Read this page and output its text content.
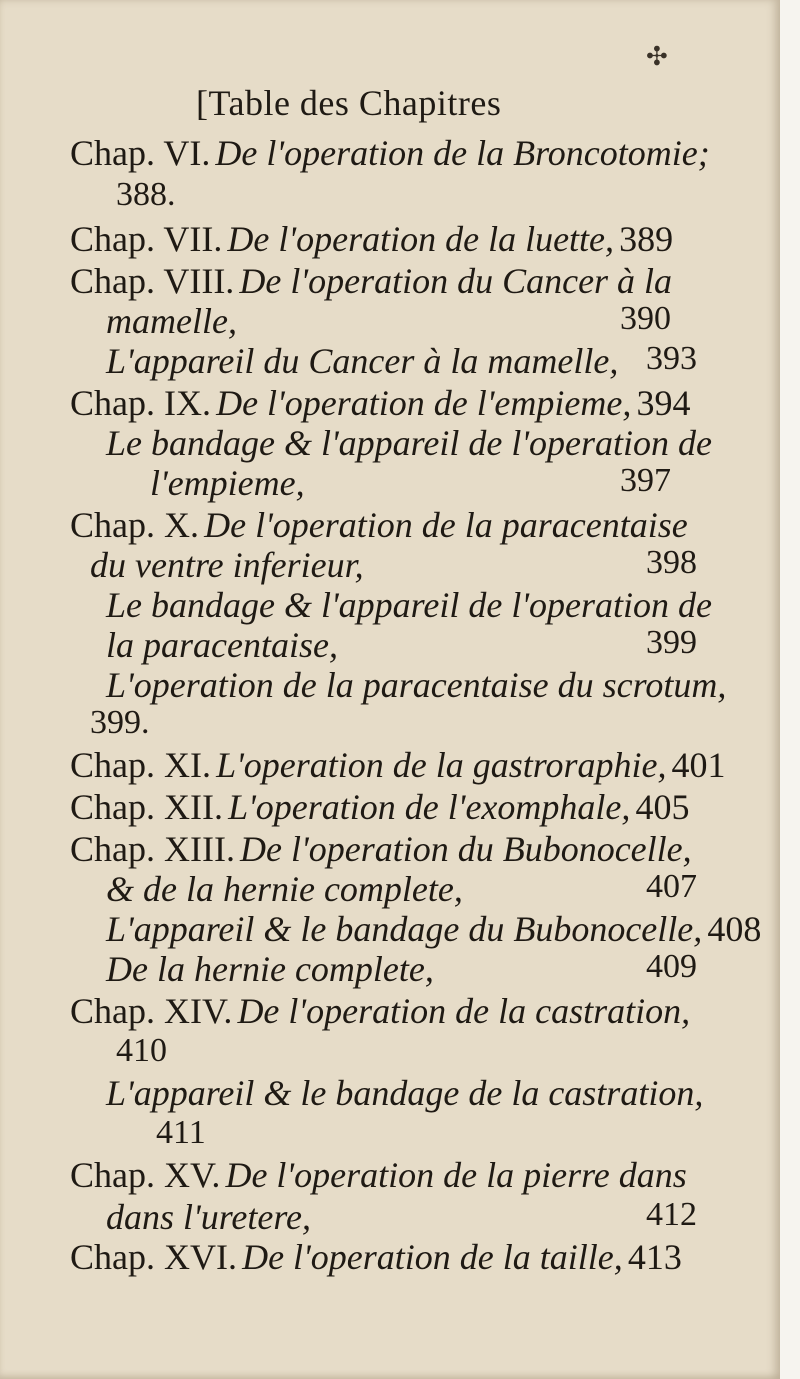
✣
[Table des Chapitres
Chap. VI. De l'operation de la Broncotomie;
388.
Chap. VII. De l'operation de la luette, 389
Chap. VIII. De l'operation du Cancer à la
mamelle,	390
L'appareil du Cancer à la mamelle, 393
Chap. IX. De l'operation de l'empieme, 394
Le bandage & l'appareil de l'operation de
l'empieme,	397
Chap. X. De l'operation de la paracentaise
du ventre inferieur,	398
Le bandage & l'appareil de l'operation de
la paracentaise,	399
L'operation de la paracentaise du scrotum,
399.
Chap. XI. L'operation de la gastroraphie, 401
Chap. XII. L'operation de l'exomphale, 405
Chap. XIII. De l'operation du Bubonocelle,
& de la hernie complete,	407
L'appareil & le bandage du Bubonocelle, 408
De la hernie complete,	409
Chap. XIV. De l'operation de la castration,
410
L'appareil & le bandage de la castration,
411
Chap. XV. De l'operation de la pierre dans
dans l'uretere,	412
Chap. XVI. De l'operation de la taille, 413
